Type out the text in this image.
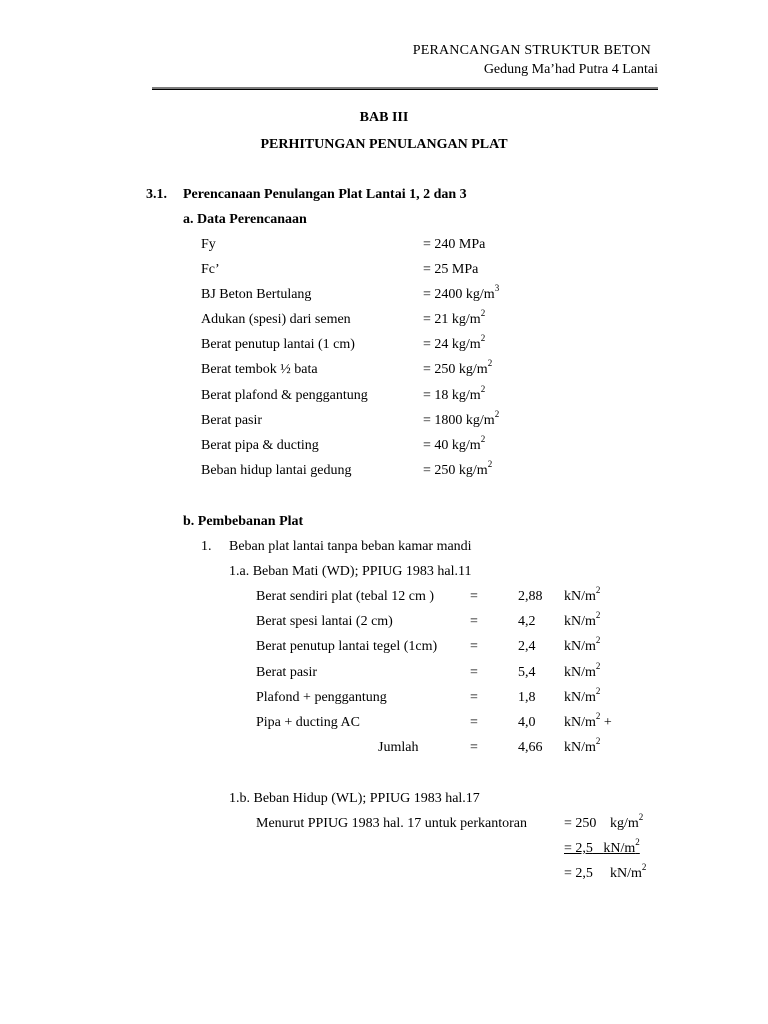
PERANCANGAN STRUKTUR BETON
Gedung Ma’had Putra 4 Lantai
BAB III
PERHITUNGAN PENULANGAN PLAT
3.1. Perencanaan Penulangan Plat Lantai 1, 2 dan 3
a. Data Perencanaan
Fy	= 240 MPa
Fc’	= 25 MPa
BJ Beton Bertulang	= 2400 $kg/m^3$
Adukan (spesi) dari semen	= 21 $kg/m^2$
Berat penutup lantai (1 cm)	= 24 $kg/m^2$
Berat tembok ½ bata	= 250 $kg/m^2$
Berat plafond & penggantung	= 18 $kg/m^2$
Berat pasir	= 1800 $kg/m^2$
Berat pipa & ducting	= 40 $kg/m^2$
Beban hidup lantai gedung	= 250 $kg/m^2$
b. Pembebanan Plat
1. Beban plat lantai tanpa beban kamar mandi
1.a. Beban Mati (WD); PPIUG 1983 hal.11
Berat sendiri plat (tebal 12 cm )	=	2,88 $kN/m^2$
Berat spesi lantai (2 cm)	=	4,2 $kN/m^2$
Berat penutup lantai tegel (1cm) =	2,4 $kN/m^2$
Berat pasir	=	5,4 $kN/m^2$
Plafond + penggantung	=	1,8 $kN/m^2$
Pipa + ducting AC	=	4,0 $kN/m^2$ +

Jumlah	=	4,66 $kN/m^2$
1.b. Beban Hidup (WL); PPIUG 1983 hal.17
Menurut PPIUG 1983 hal. 17 untuk perkantoran	= 250 $kg/m^2$
= 2,5 $kN/m^2$
= 2,5 $kN/m^2$
